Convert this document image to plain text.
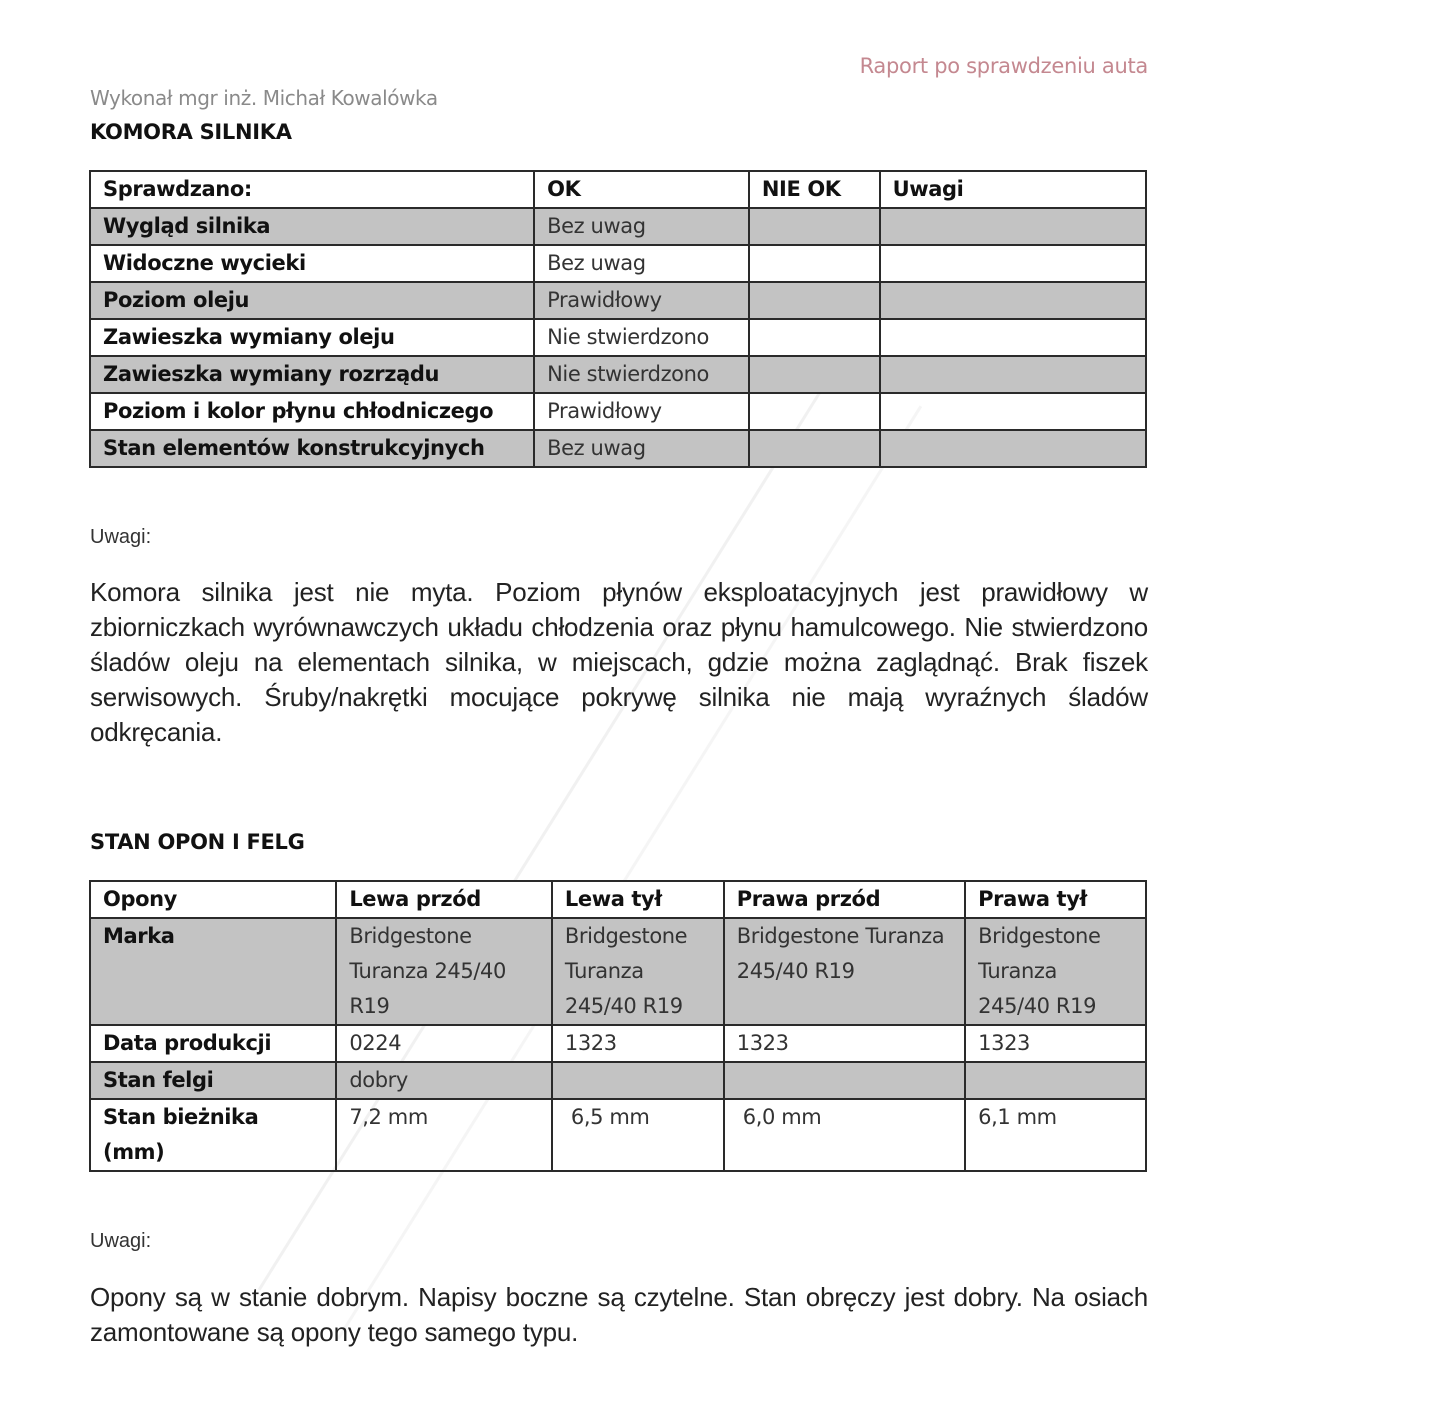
Raport po sprawdzeniu auta
Wykonał mgr inż. Michał Kowalówka
KOMORA SILNIKA
Sprawdzano:	OK	NIE OK	Uwagi
Wygląd silnika	Bez uwag		
Widoczne wycieki	Bez uwag		
Poziom oleju	Prawidłowy		
Zawieszka wymiany oleju	Nie stwierdzono		
Zawieszka wymiany rozrządu	Nie stwierdzono		
Poziom i kolor płynu chłodniczego	Prawidłowy		
Stan elementów konstrukcyjnych	Bez uwag		
Uwagi:
Komora silnika jest nie myta. Poziom płynów eksploatacyjnych jest prawidłowy w zbiorniczkach wyrównawczych układu chłodzenia oraz płynu hamulcowego. Nie stwierdzono śladów oleju na elementach silnika, w miejscach, gdzie można zaglądnąć. Brak fiszek serwisowych. Śruby/nakrętki mocujące pokrywę silnika nie mają wyraźnych śladów odkręcania.
STAN OPON I FELG
Opony	Lewa przód	Lewa tył	Prawa przód	Prawa tył
Marka	Bridgestone Turanza 245/40 R19	Bridgestone Turanza 245/40 R19	Bridgestone Turanza 245/40 R19	Bridgestone Turanza 245/40 R19
Data produkcji	0224	1323	1323	1323
Stan felgi	dobry			
Stan bieżnika (mm)	7,2 mm	6,5 mm	6,0 mm	6,1 mm
Uwagi:
Opony są w stanie dobrym. Napisy boczne są czytelne. Stan obręczy jest dobry. Na osiach zamontowane są opony tego samego typu.
